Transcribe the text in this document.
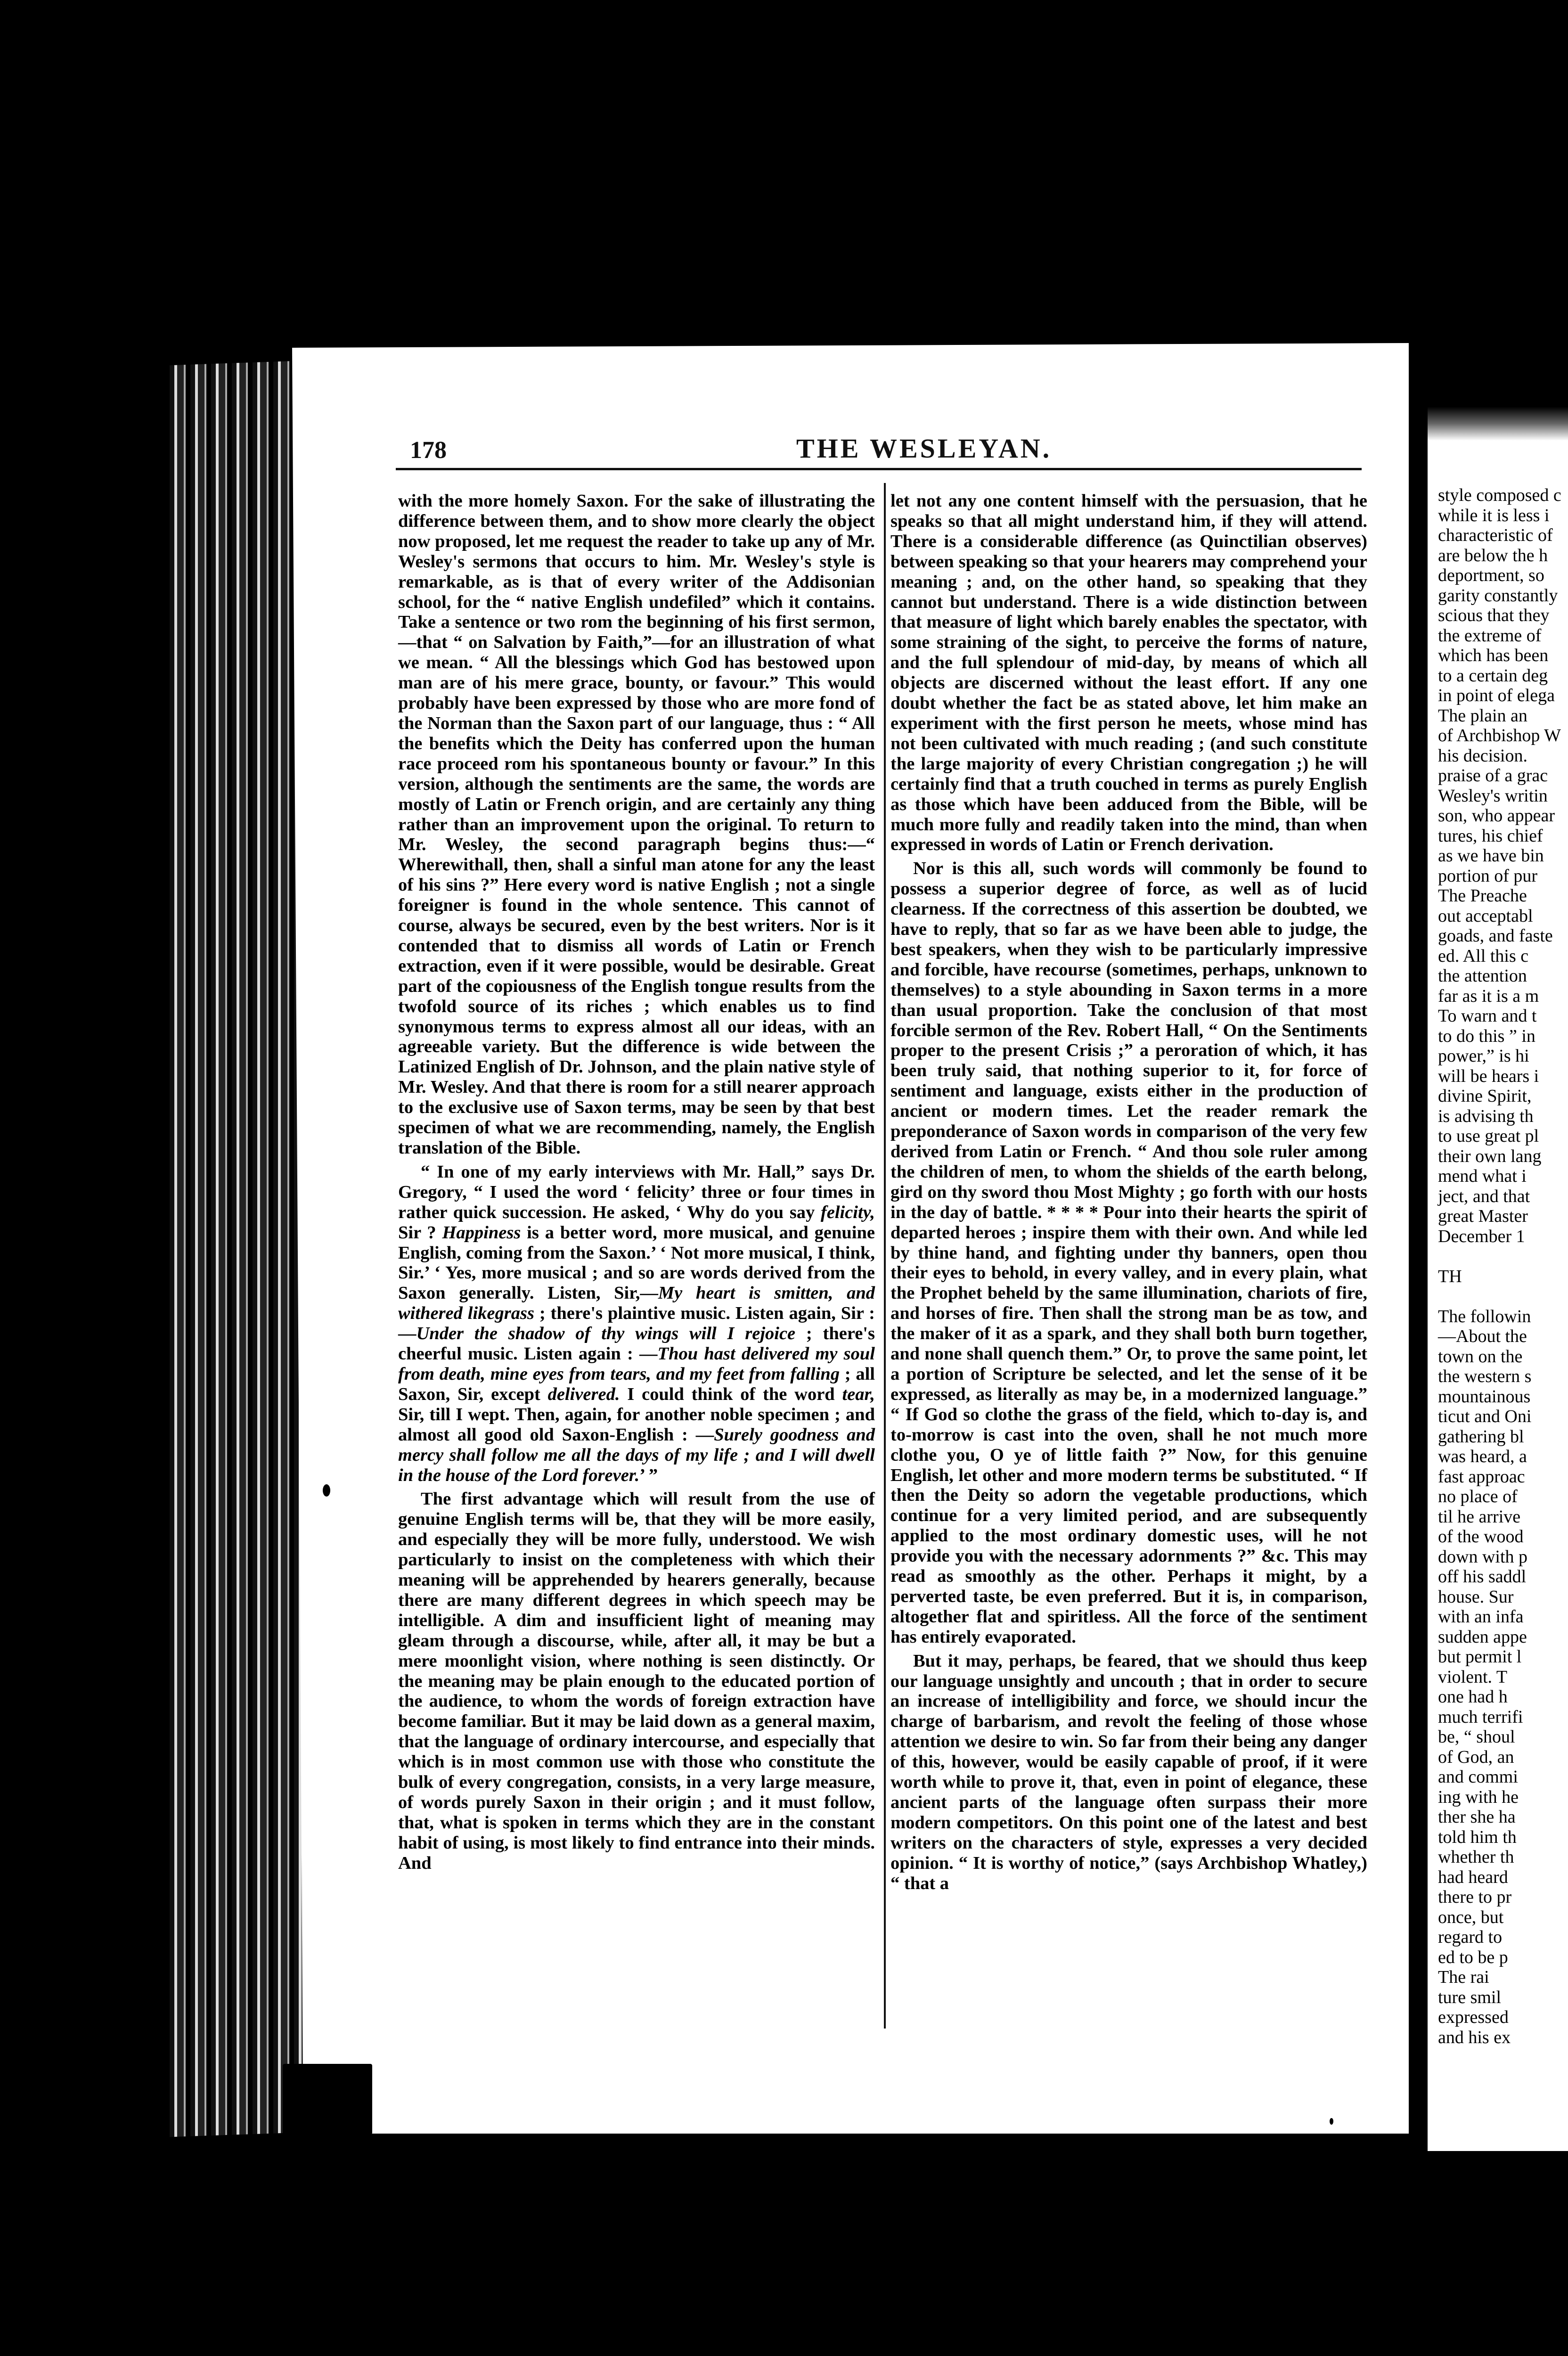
style composed c

while it is less i

characteristic of

are below the h

deportment, so

garity constantly

scious that they

the extreme of

which has been

to a certain deg

in point of elega

The plain an

of Archbishop W

his decision.

praise of a grac

Wesley's writin

son, who appear

tures, his chief

as we have bin

portion of pur

The Preache

out acceptabl

goads, and faste

ed. All this c

the attention

far as it is a m

To warn and t

to do this ” in

power,” is hi

will be hears i

divine Spirit,

is advising th

to use great pl

their own lang

mend what i

ject, and that

great Master

December 1

TH

The followin

—About the

town on the

the western s

mountainous

ticut and Oni

gathering bl

was heard, a

fast approac

no place of

til he arrive

of the wood

down with p

off his saddl

house. Sur

with an infa

sudden appe

but permit l

violent. T

one had h

much terrifi

be, “ shoul

of God, an

and commi

ing with he

ther she ha

told him th

whether th

had heard

there to pr

once, but

regard to

ed to be p

The rai

ture smil

expressed

and his ex

178	THE WESLEYAN.

with the more homely Saxon. For the sake of illustrating the difference between them, and to show more clearly the object now proposed, let me request the reader to take up any of Mr. Wesley's sermons that occurs to him. Mr. Wesley's style is remarkable, as is that of every writer of the Addisonian school, for the “ native English undefiled” which it contains. Take a sentence or two rom the beginning of his first sermon,—that “ on Salvation by Faith,”—for an illustration of what we mean. “ All the blessings which God has bestowed upon man are of his mere grace, bounty, or favour.” This would probably have been expressed by those who are more fond of the Norman than the Saxon part of our language, thus : “ All the benefits which the Deity has conferred upon the human race proceed rom his spontaneous bounty or favour.” In this version, although the sentiments are the same, the words are mostly of Latin or French origin, and are certainly any thing rather than an improvement upon the original. To return to Mr. Wesley, the second paragraph begins thus:—“ Wherewithall, then, shall a sinful man atone for any the least of his sins ?” Here every word is native English ; not a single foreigner is found in the whole sentence. This cannot of course, always be secured, even by the best writers. Nor is it contended that to dismiss all words of Latin or French extraction, even if it were possible, would be desirable. Great part of the copiousness of the English tongue results from the twofold source of its riches ; which enables us to find synonymous terms to express almost all our ideas, with an agreeable variety. But the difference is wide between the Latinized English of Dr. Johnson, and the plain native style of Mr. Wesley. And that there is room for a still nearer approach to the exclusive use of Saxon terms, may be seen by that best specimen of what we are recommending, namely, the English translation of the Bible.

“ In one of my early interviews with Mr. Hall,” says Dr. Gregory, “ I used the word ‘ felicity’ three or four times in rather quick succession. He asked, ‘ Why do you say felicity, Sir ? Happiness is a better word, more musical, and genuine English, coming from the Saxon.’ ‘ Not more musical, I think, Sir.’ ‘ Yes, more musical ; and so are words derived from the Saxon generally. Listen, Sir,—My heart is smitten, and withered likegrass ; there's plaintive music. Listen again, Sir :—Under the shadow of thy wings will I rejoice ; there's cheerful music. Listen again : —Thou hast delivered my soul from death, mine eyes from tears, and my feet from falling ; all Saxon, Sir, except delivered. I could think of the word tear, Sir, till I wept. Then, again, for another noble specimen ; and almost all good old Saxon-English : —Surely goodness and mercy shall follow me all the days of my life ; and I will dwell in the house of the Lord forever.’ ”

The first advantage which will result from the use of genuine English terms will be, that they will be more easily, and especially they will be more fully, understood. We wish particularly to insist on the completeness with which their meaning will be apprehended by hearers generally, because there are many different degrees in which speech may be intelligible. A dim and insufficient light of meaning may gleam through a discourse, while, after all, it may be but a mere moonlight vision, where nothing is seen distinctly. Or the meaning may be plain enough to the educated portion of the audience, to whom the words of foreign extraction have become familiar. But it may be laid down as a general maxim, that the language of ordinary intercourse, and especially that which is in most common use with those who constitute the bulk of every congregation, consists, in a very large measure, of words purely Saxon in their origin ; and it must follow, that, what is spoken in terms which they are in the constant habit of using, is most likely to find entrance into their minds. And

let not any one content himself with the persuasion, that he speaks so that all might understand him, if they will attend. There is a considerable difference (as Quinctilian observes) between speaking so that your hearers may comprehend your meaning ; and, on the other hand, so speaking that they cannot but understand. There is a wide distinction between that measure of light which barely enables the spectator, with some straining of the sight, to perceive the forms of nature, and the full splendour of mid-day, by means of which all objects are discerned without the least effort. If any one doubt whether the fact be as stated above, let him make an experiment with the first person he meets, whose mind has not been cultivated with much reading ; (and such constitute the large majority of every Christian congregation ;) he will certainly find that a truth couched in terms as purely English as those which have been adduced from the Bible, will be much more fully and readily taken into the mind, than when expressed in words of Latin or French derivation.

Nor is this all, such words will commonly be found to possess a superior degree of force, as well as of lucid clearness. If the correctness of this assertion be doubted, we have to reply, that so far as we have been able to judge, the best speakers, when they wish to be particularly impressive and forcible, have recourse (sometimes, perhaps, unknown to themselves) to a style abounding in Saxon terms in a more than usual proportion. Take the conclusion of that most forcible sermon of the Rev. Robert Hall, “ On the Sentiments proper to the present Crisis ;” a peroration of which, it has been truly said, that nothing superior to it, for force of sentiment and language, exists either in the production of ancient or modern times. Let the reader remark the preponderance of Saxon words in comparison of the very few derived from Latin or French. “ And thou sole ruler among the children of men, to whom the shields of the earth belong, gird on thy sword thou Most Mighty ; go forth with our hosts in the day of battle. * * * * Pour into their hearts the spirit of departed heroes ; inspire them with their own. And while led by thine hand, and fighting under thy banners, open thou their eyes to behold, in every valley, and in every plain, what the Prophet beheld by the same illumination, chariots of fire, and horses of fire. Then shall the strong man be as tow, and the maker of it as a spark, and they shall both burn together, and none shall quench them.” Or, to prove the same point, let a portion of Scripture be selected, and let the sense of it be expressed, as literally as may be, in a modernized language.” “ If God so clothe the grass of the field, which to-day is, and to-morrow is cast into the oven, shall he not much more clothe you, O ye of little faith ?” Now, for this genuine English, let other and more modern terms be substituted. “ If then the Deity so adorn the vegetable productions, which continue for a very limited period, and are subsequently applied to the most ordinary domestic uses, will he not provide you with the necessary adornments ?” &c. This may read as smoothly as the other. Perhaps it might, by a perverted taste, be even preferred. But it is, in comparison, altogether flat and spiritless. All the force of the sentiment has entirely evaporated.

But it may, perhaps, be feared, that we should thus keep our language unsightly and uncouth ; that in order to secure an increase of intelligibility and force, we should incur the charge of barbarism, and revolt the feeling of those whose attention we desire to win. So far from their being any danger of this, however, would be easily capable of proof, if it were worth while to prove it, that, even in point of elegance, these ancient parts of the language often surpass their more modern competitors. On this point one of the latest and best writers on the characters of style, expresses a very decided opinion. “ It is worthy of notice,” (says Archbishop Whatley,) “ that a
